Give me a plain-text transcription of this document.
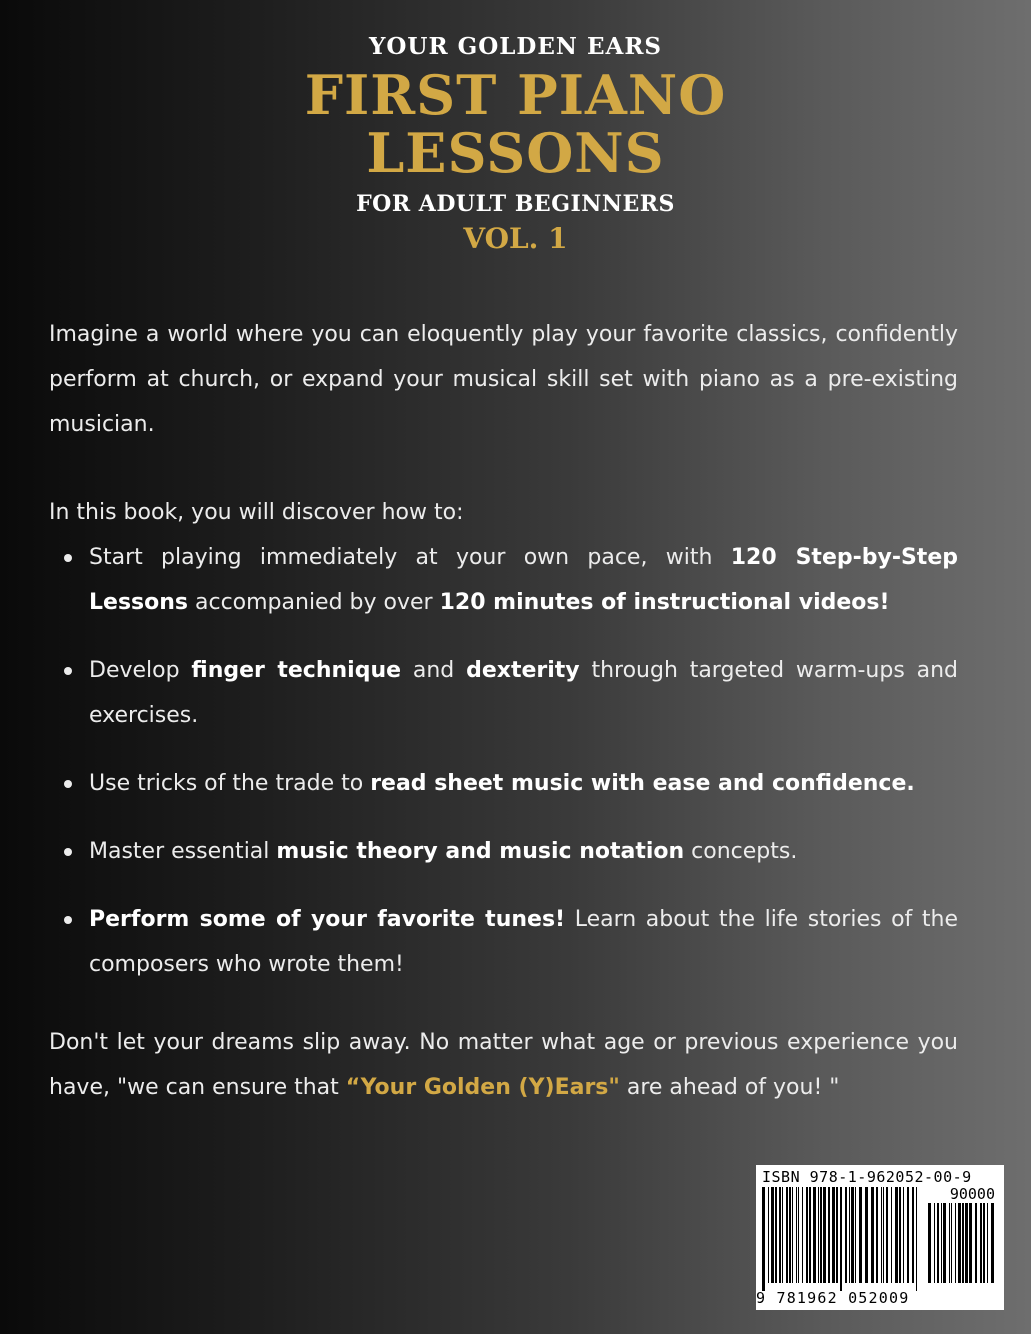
YOUR GOLDEN EARS
FIRST PIANO
LESSONS
FOR ADULT BEGINNERS
VOL. 1

Imagine a world where you can eloquently play your favorite classics, confidently perform at church, or expand your musical skill set with piano as a pre-existing musician.

In this book, you will discover how to:

Start playing immediately at your own pace, with 120 Step-by-Step Lessons accompanied by over 120 minutes of instructional videos!
Develop finger technique and dexterity through targeted warm-ups and exercises.
Use tricks of the trade to read sheet music with ease and confidence.
Master essential music theory and music notation concepts.
Perform some of your favorite tunes! Learn about the life stories of the composers who wrote them!

Don't let your dreams slip away. No matter what age or previous experience you have, "we can ensure that “Your Golden (Y)Ears" are ahead of you! "

ISBN 978-1-962052-00-9
90000
9 781962 052009
